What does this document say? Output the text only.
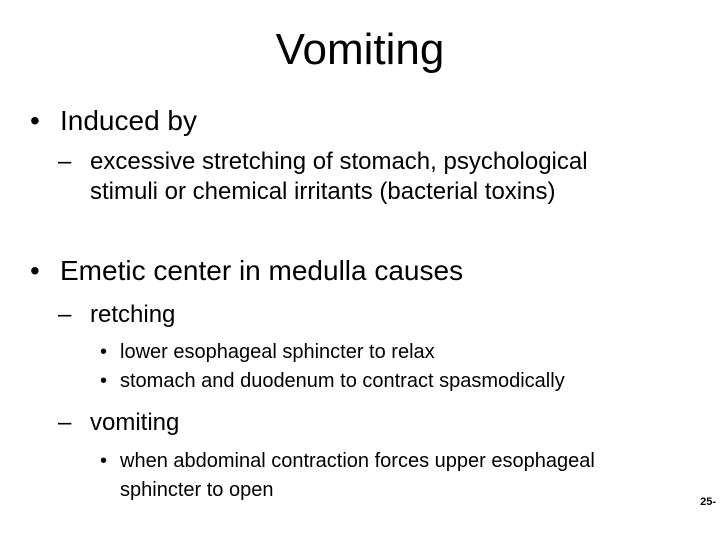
Vomiting
• Induced by
– excessive stretching of stomach, psychological stimuli or chemical irritants (bacterial toxins)
• Emetic center in medulla causes
– retching
• lower esophageal sphincter to relax
• stomach and duodenum to contract spasmodically
– vomiting
• when abdominal contraction forces upper esophageal sphincter to open
25-
